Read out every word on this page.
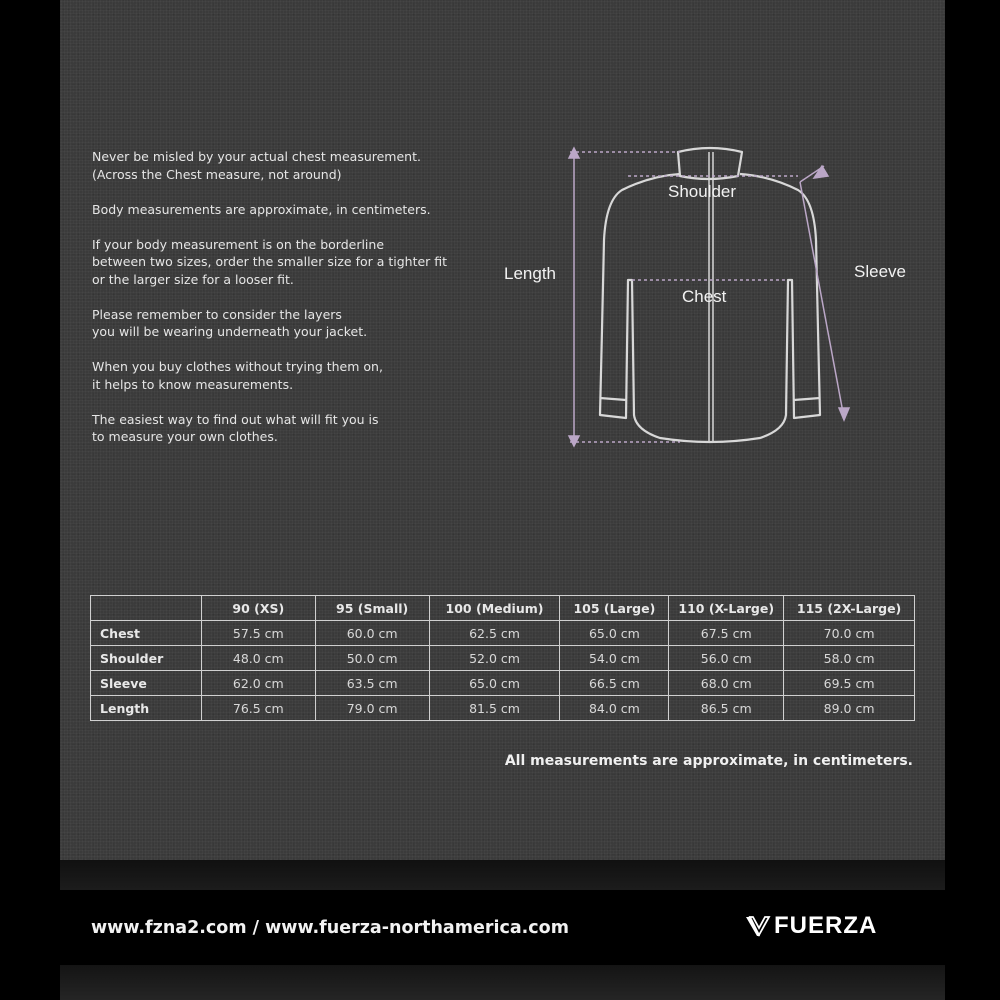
Never be misled by your actual chest measurement.
(Across the Chest measure, not around)

Body measurements are approximate, in centimeters.

If your body measurement is on the borderline
between two sizes, order the smaller size for a tighter fit
or the larger size for a looser fit.

Please remember to consider the layers
you will be wearing underneath your jacket.

When you buy clothes without trying them on,
it helps to know measurements.

The easiest way to find out what will fit you is
to measure your own clothes.

Shoulder
Chest
Length	Sleeve
	90 (XS)	95 (Small)	100 (Medium)	105 (Large)	110 (X-Large)	115 (2X-Large)
Chest	57.5 cm	60.0 cm	62.5 cm	65.0 cm	67.5 cm	70.0 cm
Shoulder	48.0 cm	50.0 cm	52.0 cm	54.0 cm	56.0 cm	58.0 cm
Sleeve	62.0 cm	63.5 cm	65.0 cm	66.5 cm	68.0 cm	69.5 cm
Length	76.5 cm	79.0 cm	81.5 cm	84.0 cm	86.5 cm	89.0 cm
All measurements are approximate, in centimeters.
www.fzna2.com / www.fuerza-northamerica.com	FUERZA
